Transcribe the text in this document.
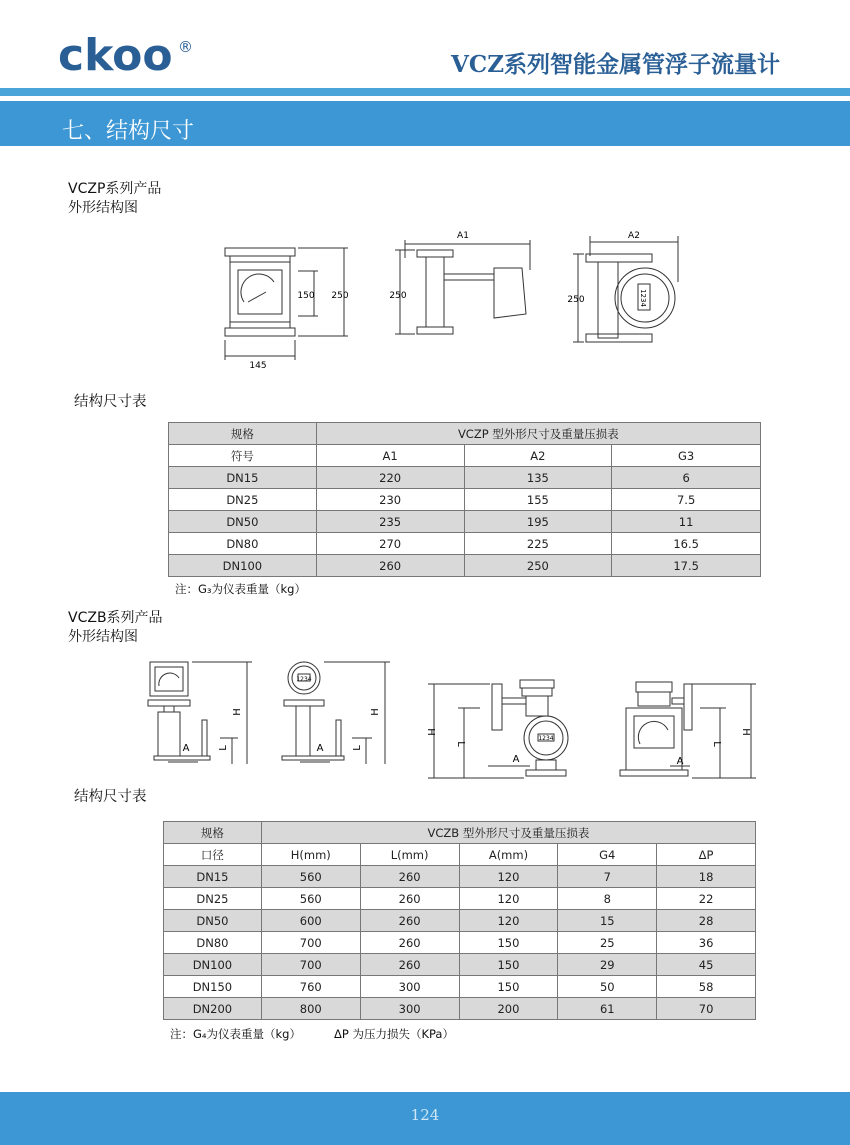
ckoo ®
VCZ系列智能金属管浮子流量计
七、结构尺寸
VCZP系列产品
外形结构图
A1	A2
150 250	250	250
145
1234
结构尺寸表
规格	VCZP 型外形尺寸及重量压损表		
符号	A1	A2	G3
DN15	220	135	6
DN25	230	155	7.5
DN50	235	195	11
DN80	270	225	16.5
DN100	260	250	17.5
注：G₃为仪表重量（kg）
VCZB系列产品
外形结构图
H
L
A
H
L
A
H
L
A
H
L
A
1234
1234
结构尺寸表
规格	VCZB 型外形尺寸及重量压损表				
口径	H(mm)	L(mm)	A(mm)	G4	ΔP
DN15	560	260	120	7	18
DN25	560	260	120	8	22
DN50	600	260	120	15	28
DN80	700	260	150	25	36
DN100	700	260	150	29	45
DN150	760	300	150	50	58
DN200	800	300	200	61	70
注：G₄为仪表重量（kg）	ΔP 为压力损失（KPa）
124
